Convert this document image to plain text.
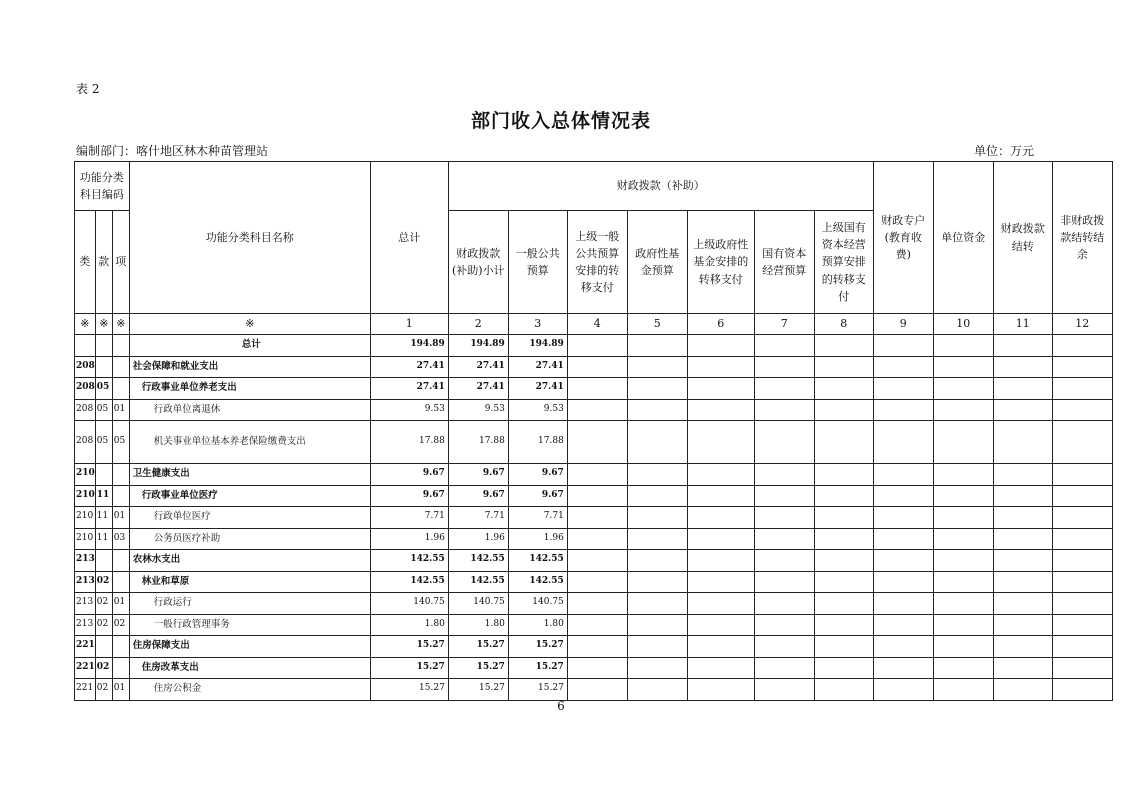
表 2
部门收入总体情况表
编制部门：喀什地区林木种苗管理站	单位：万元
功能分类科目编码			功能分类科目名称	总计	财政拨款（补助）							财政专户(教育收费)	单位资金	财政拨款结转	非财政拨款结转结余
类	款	项			财政拨款(补助)小计	一般公共预算	上级一般公共预算安排的转移支付	政府性基金预算	上级政府性基金安排的转移支付	国有资本经营预算	上级国有资本经营预算安排的转移支付				
※	※	※	※	1	2	3	4	5	6	7	8	9	10	11	12
			总计	194.89	194.89	194.89									
208			社会保障和就业支出	27.41	27.41	27.41									
208	05		行政事业单位养老支出	27.41	27.41	27.41									
208	05	01	行政单位离退休	9.53	9.53	9.53									
208	05	05	机关事业单位基本养老保险缴费支出	17.88	17.88	17.88									
210			卫生健康支出	9.67	9.67	9.67									
210	11		行政事业单位医疗	9.67	9.67	9.67									
210	11	01	行政单位医疗	7.71	7.71	7.71									
210	11	03	公务员医疗补助	1.96	1.96	1.96									
213			农林水支出	142.55	142.55	142.55									
213	02		林业和草原	142.55	142.55	142.55									
213	02	01	行政运行	140.75	140.75	140.75									
213	02	02	一般行政管理事务	1.80	1.80	1.80									
221			住房保障支出	15.27	15.27	15.27									
221	02		住房改革支出	15.27	15.27	15.27									
221	02	01	住房公积金	15.27	15.27	15.27									
6
